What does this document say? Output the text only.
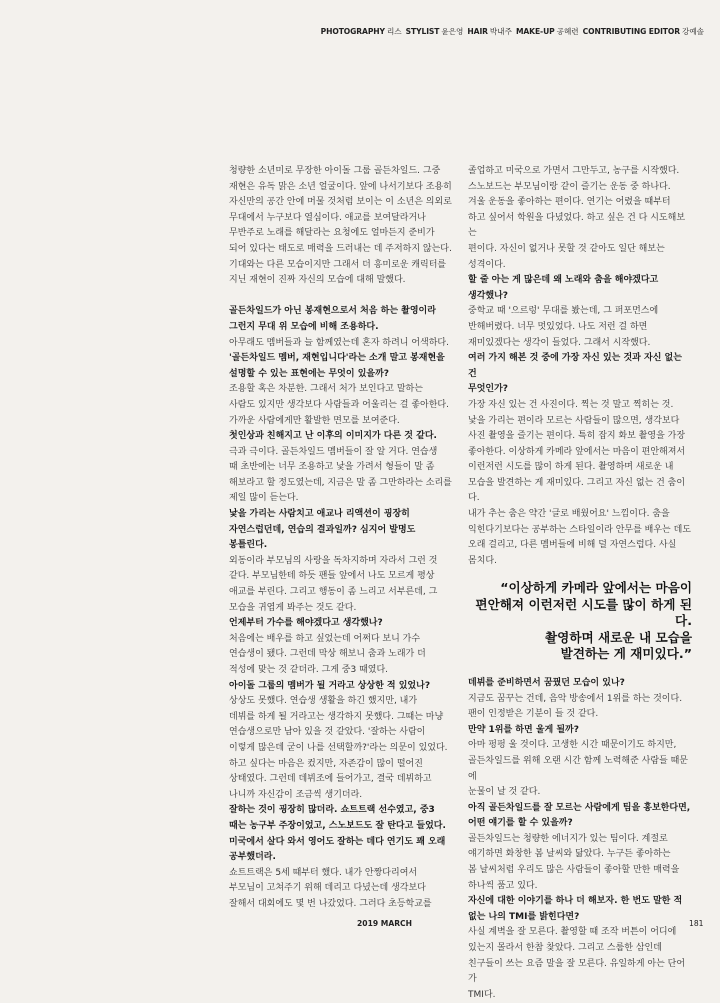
PHOTOGRAPHY 리스 STYLIST 윤은영 HAIR 박내주 MAKE-UP 공혜련 CONTRIBUTING EDITOR 강예솔

청량한 소년미로 무장한 아이돌 그룹 골든차일드. 그중

재현은 유독 맑은 소년 얼굴이다. 앞에 나서기보다 조용히

자신만의 공간 안에 머물 것처럼 보이는 이 소년은 의외로

무대에서 누구보다 열심이다. 애교를 보여달라거나

무반주로 노래를 해달라는 요청에도 얼마든지 준비가

되어 있다는 태도로 매력을 드러내는 데 주저하지 않는다.

기대와는 다른 모습이지만 그래서 더 흥미로운 캐릭터를

지닌 재현이 진짜 자신의 모습에 대해 말했다.

골든차일드가 아닌 봉재현으로서 처음 하는 촬영이라

그런지 무대 위 모습에 비해 조용하다.

아무래도 멤버들과 늘 함께였는데 혼자 하려니 어색하다.

'골든차일드 멤버, 재현입니다'라는 소개 말고 봉재현을

설명할 수 있는 표현에는 무엇이 있을까?

조용할 혹은 차분한. 그래서 처가 보인다고 말하는

사람도 있지만 생각보다 사람들과 어울리는 걸 좋아한다.

가까운 사람에게만 활발한 면모를 보여준다.

첫인상과 친해지고 난 이후의 이미지가 다른 것 같다.

극과 극이다. 골든차일드 멤버들이 잘 알 거다. 연습생

때 초반에는 너무 조용하고 낯을 가려서 형들이 말 좀

해보라고 할 정도였는데, 지금은 말 좀 그만하라는 소리를

제일 많이 듣는다.

낯을 가리는 사람치고 애교나 리액션이 굉장히

자연스럽던데, 연습의 결과일까? 심지어 발명도

봉틀린다.

외동이라 부모님의 사랑을 독차지하며 자라서 그런 것

같다. 부모님한테 하듯 팬들 앞에서 나도 모르게 평상

애교를 부린다. 그리고 행동이 좀 느리고 서부른데, 그

모습을 귀엽게 봐주는 것도 같다.

언제부터 가수를 해야겠다고 생각했나?

처음에는 배우를 하고 싶었는데 어쩌다 보니 가수

연습생이 됐다. 그런데 막상 해보니 춤과 노래가 더

적성에 맞는 것 같더라. 그게 중3 때였다.

아이돌 그룹의 멤버가 될 거라고 상상한 적 있었나?

상상도 못했다. 연습생 생활을 하긴 했지만, 내가

데뷔를 하게 될 거라고는 생각하지 못했다. 그때는 마냥

연습생으로만 남아 있을 것 같았다. '잘하는 사람이

이렇게 많은데 굳이 나를 선택할까?'라는 의문이 있었다.

하고 싶다는 마음은 컸지만, 자존감이 많이 떨어진

상태였다. 그런데 데뷔조에 들어가고, 결국 데뷔하고

나니까 자신감이 조금씩 생기더라.

잘하는 것이 굉장히 많더라. 쇼트트랙 선수였고, 중3

때는 농구부 주장이었고, 스노보드도 잘 탄다고 들었다.

미국에서 살다 와서 영어도 잘하는 데다 연기도 꽤 오래

공부했더라.

쇼트트랙은 5세 때부터 했다. 내가 안짱다리여서

부모님이 고쳐주기 위해 데리고 다녔는데 생각보다

잘해서 대회에도 몇 번 나갔었다. 그러다 초등학교를

졸업하고 미국으로 가면서 그만두고, 농구를 시작했다.

스노보드는 부모님이랑 같이 즐기는 운동 중 하나다.

겨울 운동을 좋아하는 편이다. 연기는 어렸을 때부터

하고 싶어서 학원을 다녔었다. 하고 싶은 건 다 시도해보는

편이다. 자신이 없거나 못할 것 같아도 일단 해보는

성격이다.

할 줄 아는 게 많은데 왜 노래와 춤을 해야겠다고

생각했나?

중학교 때 '으르렁' 무대를 봤는데, 그 퍼포먼스에

반해버렸다. 너무 멋있었다. 나도 저런 걸 하면

재미있겠다는 생각이 들었다. 그래서 시작했다.

여러 가지 해본 것 중에 가장 자신 있는 것과 자신 없는 건

무엇인가?

가장 자신 있는 건 사진이다. 찍는 것 말고 찍히는 것.

낯을 가리는 편이라 모르는 사람들이 많으면, 생각보다

사진 촬영을 즐기는 편이다. 특히 잡지 화보 촬영을 가장

좋아한다. 이상하게 카메라 앞에서는 마음이 편안해져서

이런저런 시도를 많이 하게 된다. 촬영하며 새로운 내

모습을 발견하는 게 재미있다. 그리고 자신 없는 건 춤이다.

내가 추는 춤은 약간 '글로 배웠어요' 느낌이다. 춤을

익힌다기보다는 공부하는 스타일이라 안무를 배우는 데도

오래 걸리고, 다른 멤버들에 비해 덜 자연스럽다. 사실

몸치다.

“이상하게 카메라 앞에서는 마음이
편안해져 이런저런 시도를 많이 하게 된다.
촬영하며 새로운 내 모습을
발견하는 게 재미있다.”

데뷔를 준비하면서 꿈꿨던 모습이 있나?

지금도 꿈꾸는 건데, 음악 방송에서 1위를 하는 것이다.

팬이 인정받은 기분이 들 것 같다.

만약 1위를 하면 울게 될까?

아마 펑펑 울 것이다. 고생한 시간 때문이기도 하지만,

골든차일드를 위해 오랜 시간 함께 노력해준 사람들 때문에

눈물이 날 것 같다.

아직 골든차일드를 잘 모르는 사람에게 팀을 홍보한다면,

어떤 얘기를 할 수 있을까?

골든차일드는 청량한 에너지가 있는 팀이다. 계절로

얘기하면 화창한 봄 날씨와 닮았다. 누구든 좋아하는

봄 날씨처럼 우리도 많은 사람들이 좋아할 만한 매력을

하나씩 품고 있다.

자신에 대한 이야기를 하나 더 해보자. 한 번도 말한 적

없는 나의 TMI를 밝힌다면?

사실 계벽을 잘 모른다. 촬영할 때 조작 버튼이 어디에

있는지 몰라서 한참 찾았다. 그리고 스룹한 삼인데

친구들이 쓰는 요즘 말을 잘 모른다. 유일하게 아는 단어가

TMI다.

2019 MARCH	181
